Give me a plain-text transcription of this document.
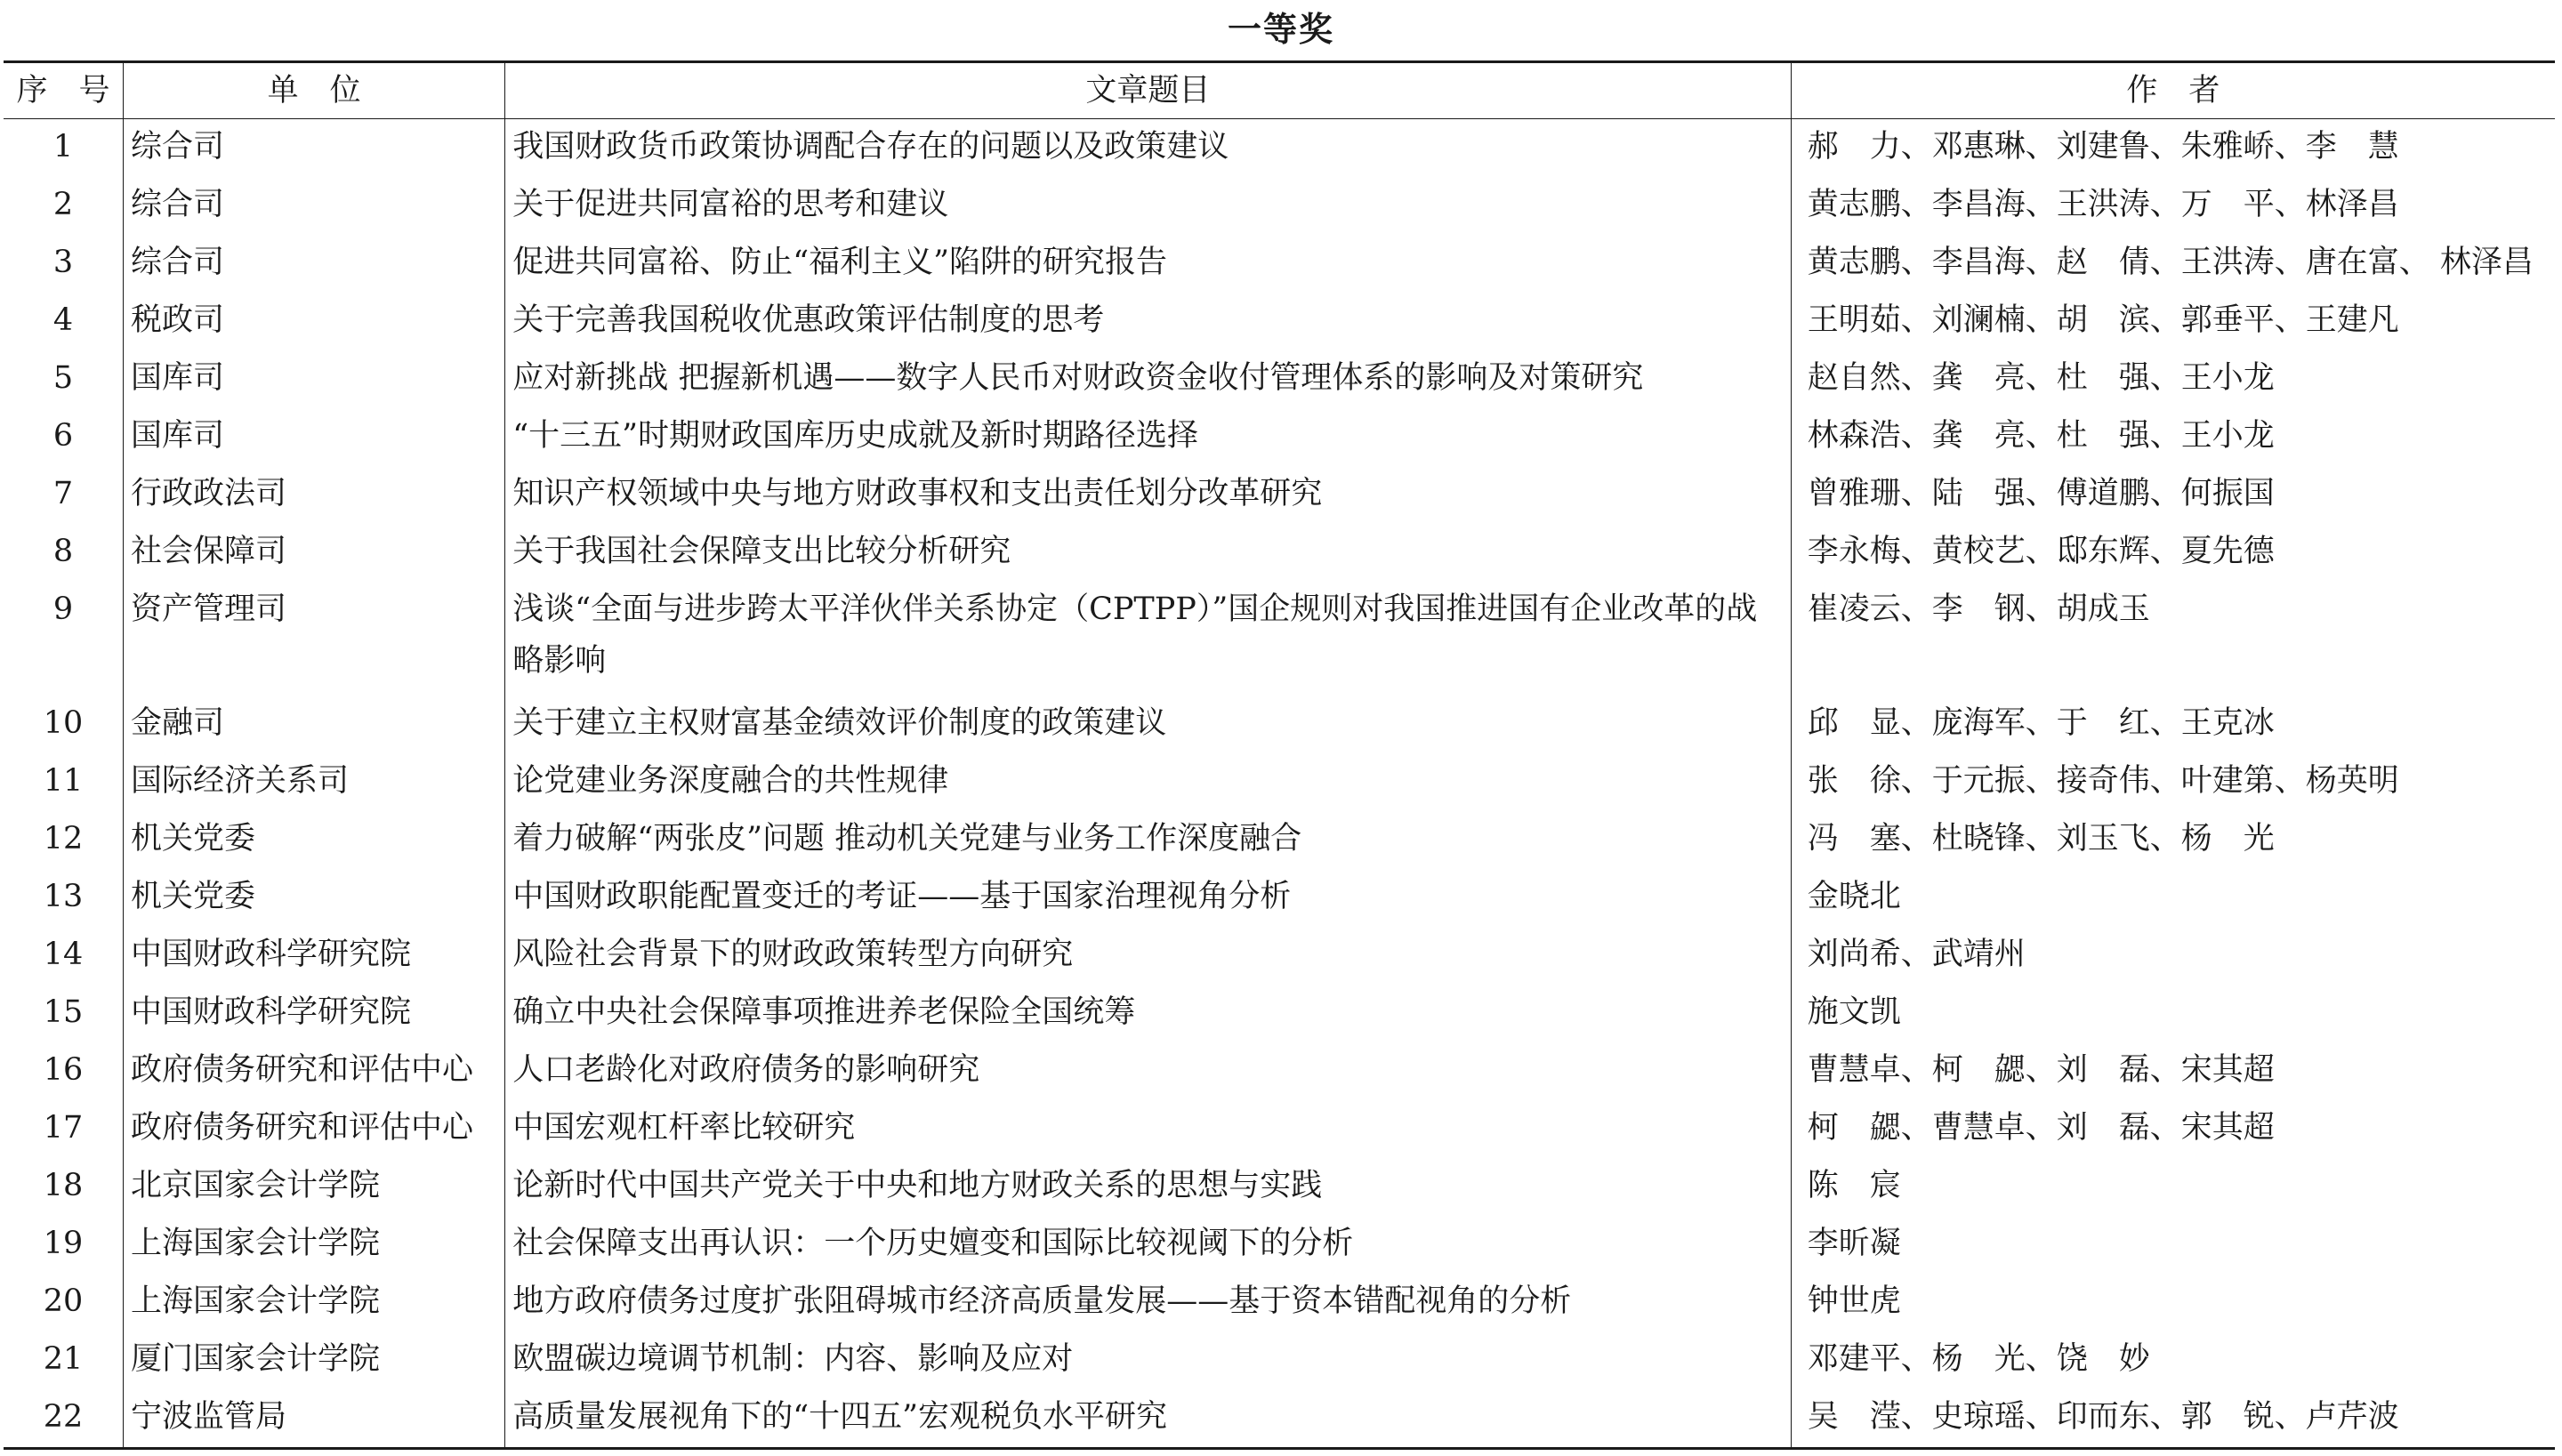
一等奖
序　号	单　位	文章题目	作　者
1	综合司	我国财政货币政策协调配合存在的问题以及政策建议	郝　力、邓惠琳、刘建鲁、朱雅峤、李　慧
2	综合司	关于促进共同富裕的思考和建议	黄志鹏、李昌海、王洪涛、万　平、林泽昌
3	综合司	促进共同富裕、防止“福利主义”陷阱的研究报告	黄志鹏、李昌海、赵　倩、王洪涛、唐在富、 林泽昌
4	税政司	关于完善我国税收优惠政策评估制度的思考	王明茹、刘澜楠、胡　滨、郭垂平、王建凡
5	国库司	应对新挑战 把握新机遇——数字人民币对财政资金收付管理体系的影响及对策研究	赵自然、龚　亮、杜　强、王小龙
6	国库司	“十三五”时期财政国库历史成就及新时期路径选择	林森浩、龚　亮、杜　强、王小龙
7	行政政法司	知识产权领域中央与地方财政事权和支出责任划分改革研究	曾雅珊、陆　强、傅道鹏、何振国
8	社会保障司	关于我国社会保障支出比较分析研究	李永梅、黄校艺、邸东辉、夏先德
9	资产管理司	浅谈“全面与进步跨太平洋伙伴关系协定（CPTPP）”国企规则对我国推进国有企业改革的战略影响	崔凌云、李　钢、胡成玉
10	金融司	关于建立主权财富基金绩效评价制度的政策建议	邱　显、庞海军、于　红、王克冰
11	国际经济关系司	论党建业务深度融合的共性规律	张　徐、于元振、接奇伟、叶建第、杨英明
12	机关党委	着力破解“两张皮”问题 推动机关党建与业务工作深度融合	冯　塞、杜晓锋、刘玉飞、杨　光
13	机关党委	中国财政职能配置变迁的考证——基于国家治理视角分析	金晓北
14	中国财政科学研究院	风险社会背景下的财政政策转型方向研究	刘尚希、武靖州
15	中国财政科学研究院	确立中央社会保障事项推进养老保险全国统筹	施文凯
16	政府债务研究和评估中心	人口老龄化对政府债务的影响研究	曹慧卓、柯　勰、刘　磊、宋其超
17	政府债务研究和评估中心	中国宏观杠杆率比较研究	柯　勰、曹慧卓、刘　磊、宋其超
18	北京国家会计学院	论新时代中国共产党关于中央和地方财政关系的思想与实践	陈　宸
19	上海国家会计学院	社会保障支出再认识：一个历史嬗变和国际比较视阈下的分析	李昕凝
20	上海国家会计学院	地方政府债务过度扩张阻碍城市经济高质量发展——基于资本错配视角的分析	钟世虎
21	厦门国家会计学院	欧盟碳边境调节机制：内容、影响及应对	邓建平、杨　光、饶　妙
22	宁波监管局	高质量发展视角下的“十四五”宏观税负水平研究	吴　滢、史琼瑶、印而东、郭　锐、卢芹波
